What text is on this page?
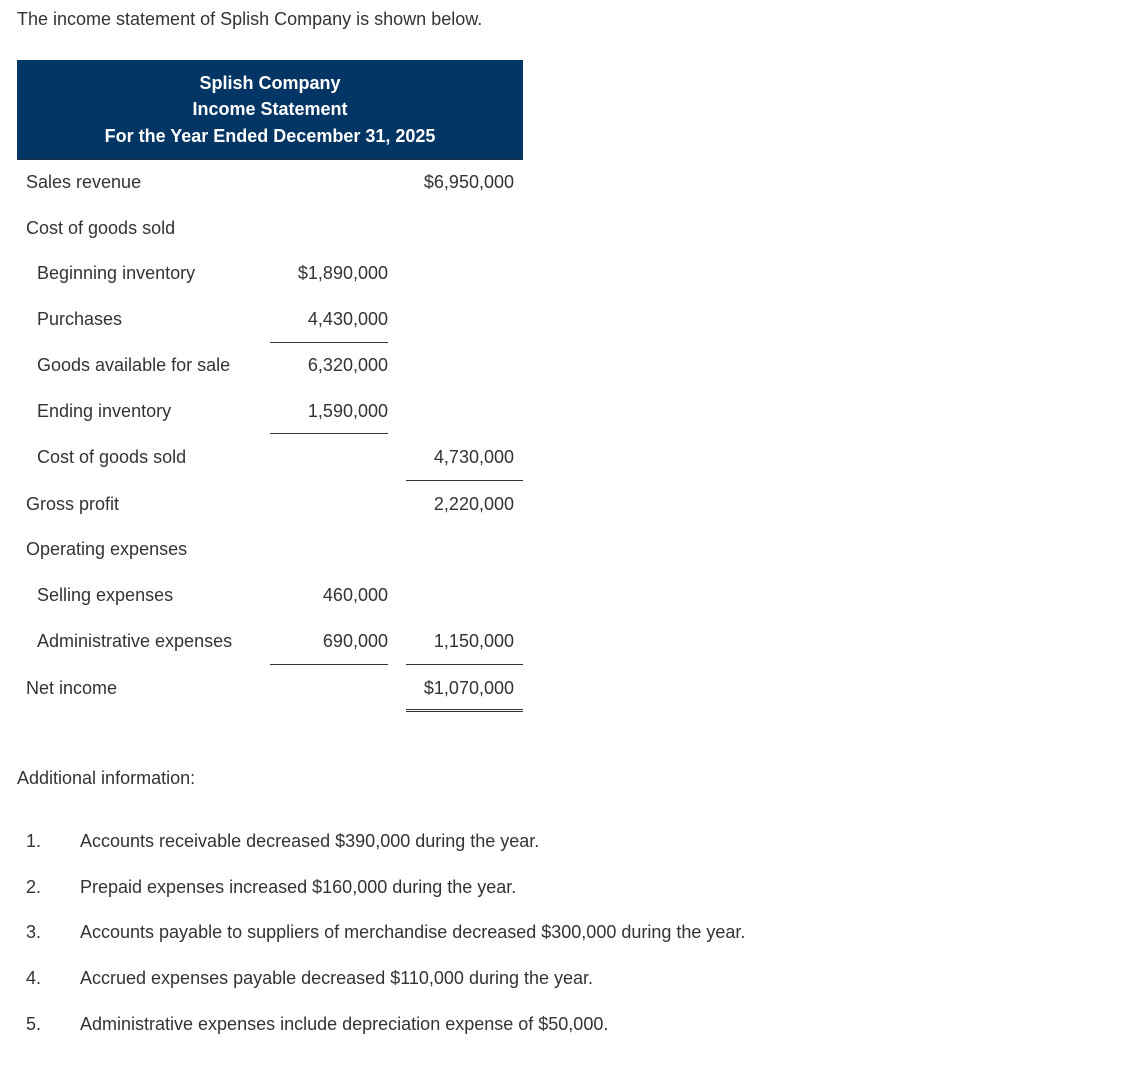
The income statement of Splish Company is shown below.
Splish Company
Income Statement
For the Year Ended December 31, 2025
Sales revenue	$6,950,000
Cost of goods sold
Beginning inventory	$1,890,000
Purchases	4,430,000
Goods available for sale	6,320,000
Ending inventory	1,590,000
Cost of goods sold	4,730,000
Gross profit	2,220,000
Operating expenses
Selling expenses	460,000
Administrative expenses	690,000	1,150,000
Net income	$1,070,000
Additional information:
1. Accounts receivable decreased $390,000 during the year.
2. Prepaid expenses increased $160,000 during the year.
3. Accounts payable to suppliers of merchandise decreased $300,000 during the year.
4. Accrued expenses payable decreased $110,000 during the year.
5. Administrative expenses include depreciation expense of $50,000.
